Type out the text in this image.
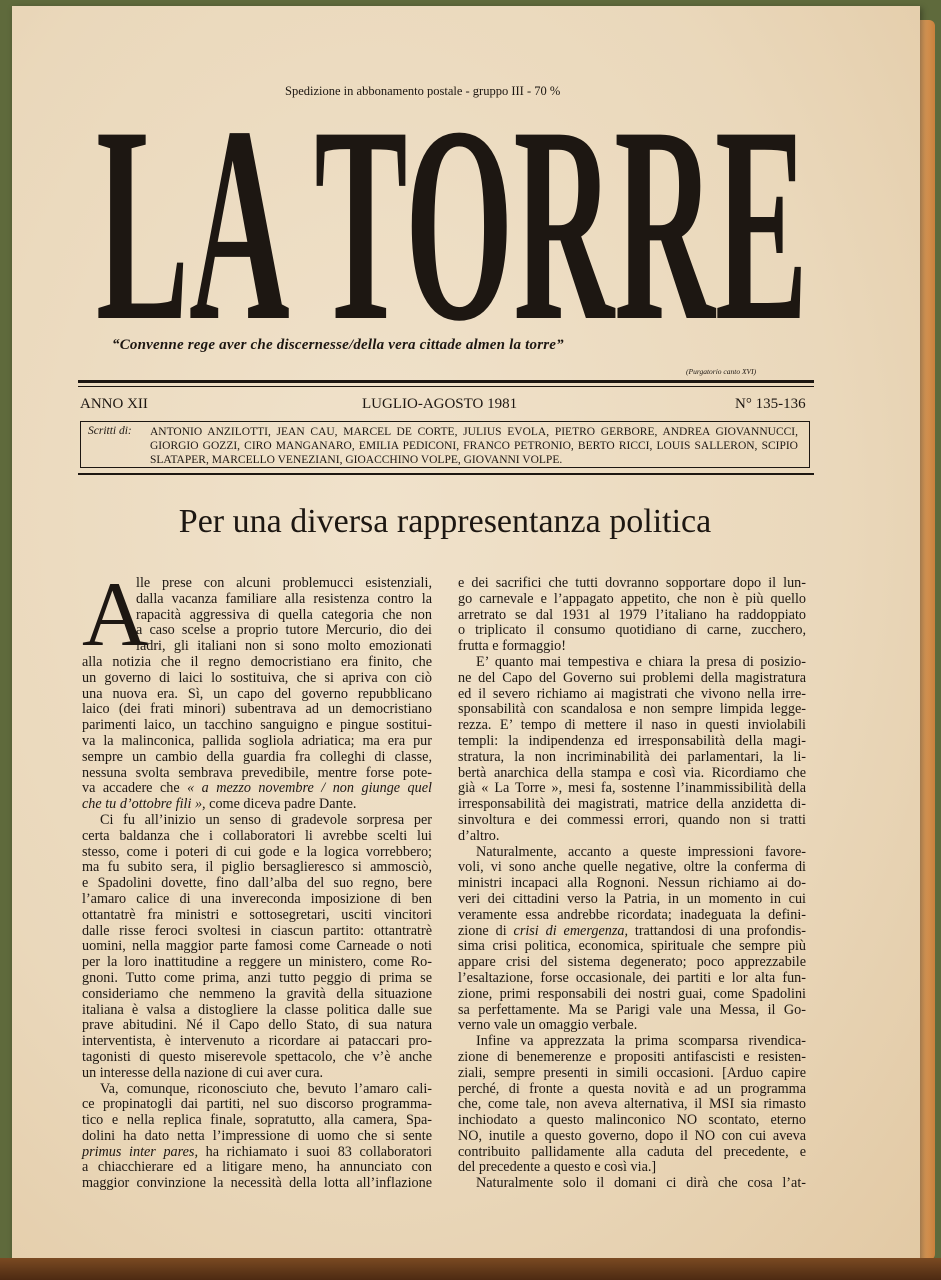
Spedizione in abbonamento postale - gruppo III - 70 %
LA TORRE
“Convenne rege aver che discernesse/della vera cittade almen la torre”
(Purgatorio canto XVI)
ANNO XII	LUGLIO-AGOSTO 1981	N° 135-136
Scritti di: ANTONIO ANZILOTTI, JEAN CAU, MARCEL DE CORTE, JULIUS EVOLA, PIETRO GERBORE, ANDREA GIOVANNUCCI, GIORGIO GOZZI, CIRO MANGANARO, EMILIA PEDICONI, FRANCO PETRONIO, BERTO RICCI, LOUIS SALLERON, SCIPIO SLATAPER, MARCELLO VENEZIANI, GIOACCHINO VOLPE, GIOVANNI VOLPE.
Per una diversa rappresentanza politica
A
lle prese con alcuni problemucci esistenziali,
dalla vacanza familiare alla resistenza contro la
rapacità aggressiva di quella categoria che non
a caso scelse a proprio tutore Mercurio, dio dei
ladri, gli italiani non si sono molto emozionati
alla notizia che il regno democristiano era finito, che
un governo di laici lo sostituiva, che si apriva con ciò
una nuova era. Sì, un capo del governo repubblicano
laico (dei frati minori) subentrava ad un democristiano
parimenti laico, un tacchino sanguigno e pingue sostitui-
va la malinconica, pallida sogliola adriatica; ma era pur
sempre un cambio della guardia fra colleghi di classe,
nessuna svolta sembrava prevedibile, mentre forse pote-
va accadere che « a mezzo novembre / non giunge quel
che tu d’ottobre fili », come diceva padre Dante.
Ci fu all’inizio un senso di gradevole sorpresa per
certa baldanza che i collaboratori li avrebbe scelti lui
stesso, come i poteri di cui gode e la logica vorrebbero;
ma fu subito sera, il piglio bersaglieresco si ammosciò,
e Spadolini dovette, fino dall’alba del suo regno, bere
l’amaro calice di una invereconda imposizione di ben
ottantatrè fra ministri e sottosegretari, usciti vincitori
dalle risse feroci svoltesi in ciascun partito: ottantratrè
uomini, nella maggior parte famosi come Carneade o noti
per la loro inattitudine a reggere un ministero, come Ro-
gnoni. Tutto come prima, anzi tutto peggio di prima se
consideriamo che nemmeno la gravità della situazione
italiana è valsa a distogliere la classe politica dalle sue
prave abitudini. Né il Capo dello Stato, di sua natura
interventista, è intervenuto a ricordare ai pataccari pro-
tagonisti di questo miserevole spettacolo, che v’è anche
un interesse della nazione di cui aver cura.
Va, comunque, riconosciuto che, bevuto l’amaro cali-
ce propinatogli dai partiti, nel suo discorso programma-
tico e nella replica finale, sopratutto, alla camera, Spa-
dolini ha dato netta l’impressione di uomo che si sente
primus inter pares, ha richiamato i suoi 83 collaboratori
a chiacchierare ed a litigare meno, ha annunciato con
maggior convinzione la necessità della lotta all’inflazione
e dei sacrifici che tutti dovranno sopportare dopo il lun-
go carnevale e l’appagato appetito, che non è più quello
arretrato se dal 1931 al 1979 l’italiano ha raddoppiato
o triplicato il consumo quotidiano di carne, zucchero,
frutta e formaggio!
E’ quanto mai tempestiva e chiara la presa di posizio-
ne del Capo del Governo sui problemi della magistratura
ed il severo richiamo ai magistrati che vivono nella irre-
sponsabilità con scandalosa e non sempre limpida legge-
rezza. E’ tempo di mettere il naso in questi inviolabili
templi: la indipendenza ed irresponsabilità della magi-
stratura, la non incriminabilità dei parlamentari, la li-
bertà anarchica della stampa e così via. Ricordiamo che
già « La Torre », mesi fa, sostenne l’inammissibilità della
irresponsabilità dei magistrati, matrice della anzidetta di-
sinvoltura e dei commessi errori, quando non si tratti
d’altro.
Naturalmente, accanto a queste impressioni favore-
voli, vi sono anche quelle negative, oltre la conferma di
ministri incapaci alla Rognoni. Nessun richiamo ai do-
veri dei cittadini verso la Patria, in un momento in cui
veramente essa andrebbe ricordata; inadeguata la defini-
zione di crisi di emergenza, trattandosi di una profondis-
sima crisi politica, economica, spirituale che sempre più
appare crisi del sistema degenerato; poco apprezzabile
l’esaltazione, forse occasionale, dei partiti e lor alta fun-
zione, primi responsabili dei nostri guai, come Spadolini
sa perfettamente. Ma se Parigi vale una Messa, il Go-
verno vale un omaggio verbale.
Infine va apprezzata la prima scomparsa rivendica-
zione di benemerenze e propositi antifascisti e resisten-
ziali, sempre presenti in simili occasioni. [Arduo capire
perché, di fronte a questa novità e ad un programma
che, come tale, non aveva alternativa, il MSI sia rimasto
inchiodato a questo malinconico NO scontato, eterno
NO, inutile a questo governo, dopo il NO con cui aveva
contribuito pallidamente alla caduta del precedente, e
del precedente a questo e così via.]
Naturalmente solo il domani ci dirà che cosa l’at-
